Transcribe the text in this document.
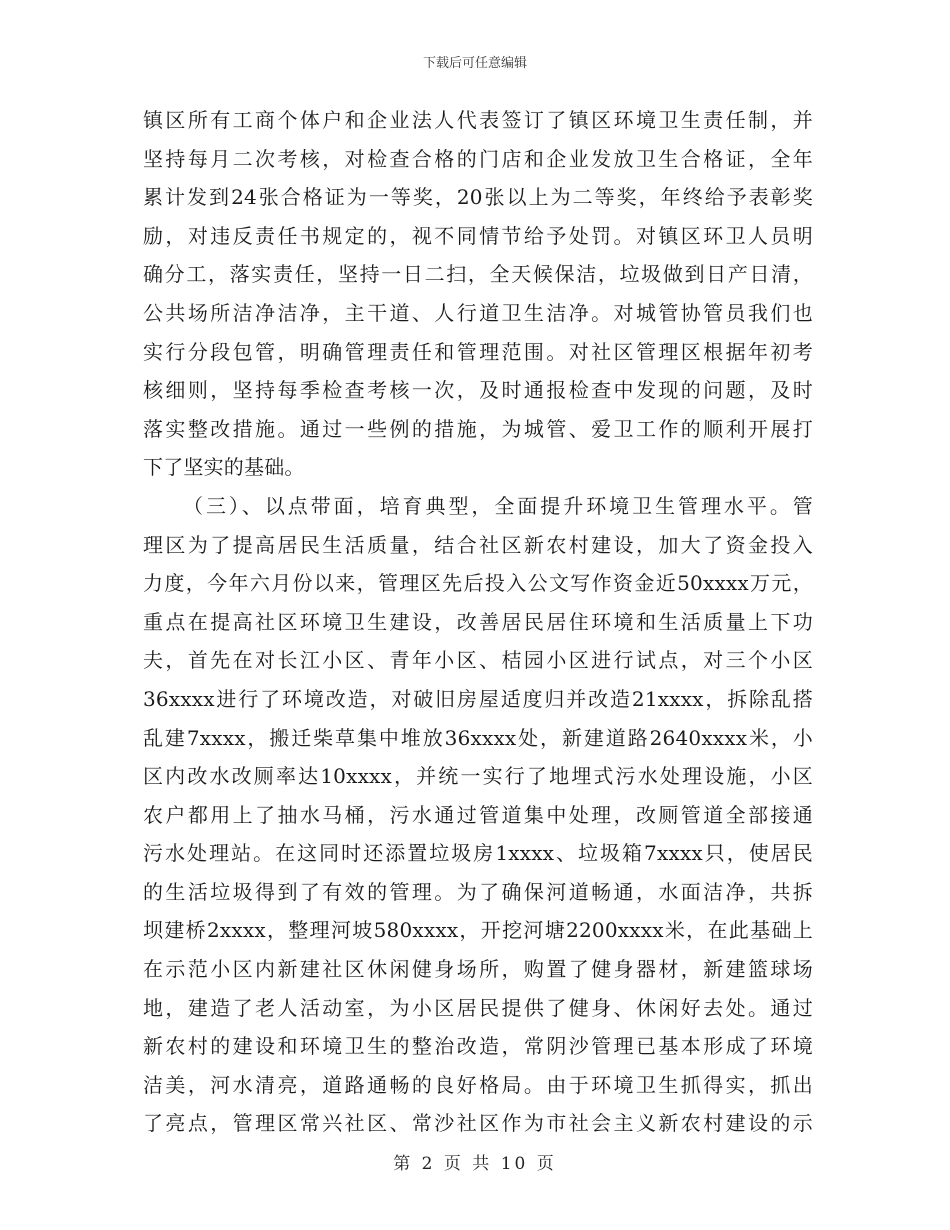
下载后可任意编辑
镇区所有工商个体户和企业法人代表签订了镇区环境卫生责任制，并
坚持每月二次考核，对检查合格的门店和企业发放卫生合格证，全年
累计发到24张合格证为一等奖，20张以上为二等奖，年终给予表彰奖
励，对违反责任书规定的，视不同情节给予处罚。对镇区环卫人员明
确分工，落实责任，坚持一日二扫，全天候保洁，垃圾做到日产日清，
公共场所洁净洁净，主干道、人行道卫生洁净。对城管协管员我们也
实行分段包管，明确管理责任和管理范围。对社区管理区根据年初考
核细则，坚持每季检查考核一次，及时通报检查中发现的问题，及时
落实整改措施。通过一些例的措施，为城管、爱卫工作的顺利开展打
下了坚实的基础。
（三）、以点带面，培育典型，全面提升环境卫生管理水平。管
理区为了提高居民生活质量，结合社区新农村建设，加大了资金投入
力度，今年六月份以来，管理区先后投入公文写作资金近50xxxx万元，
重点在提高社区环境卫生建设，改善居民居住环境和生活质量上下功
夫，首先在对长江小区、青年小区、桔园小区进行试点，对三个小区
36xxxx进行了环境改造，对破旧房屋适度归并改造21xxxx，拆除乱搭
乱建7xxxx，搬迁柴草集中堆放36xxxx处，新建道路2640xxxx米，小
区内改水改厕率达10xxxx，并统一实行了地埋式污水处理设施，小区
农户都用上了抽水马桶，污水通过管道集中处理，改厕管道全部接通
污水处理站。在这同时还添置垃圾房1xxxx、垃圾箱7xxxx只，使居民
的生活垃圾得到了有效的管理。为了确保河道畅通，水面洁净，共拆
坝建桥2xxxx，整理河坡580xxxx，开挖河塘2200xxxx米，在此基础上
在示范小区内新建社区休闲健身场所，购置了健身器材，新建篮球场
地，建造了老人活动室，为小区居民提供了健身、休闲好去处。通过
新农村的建设和环境卫生的整治改造，常阴沙管理已基本形成了环境
洁美，河水清亮，道路通畅的良好格局。由于环境卫生抓得实，抓出
了亮点，管理区常兴社区、常沙社区作为市社会主义新农村建设的示
第 2 页 共 10 页
